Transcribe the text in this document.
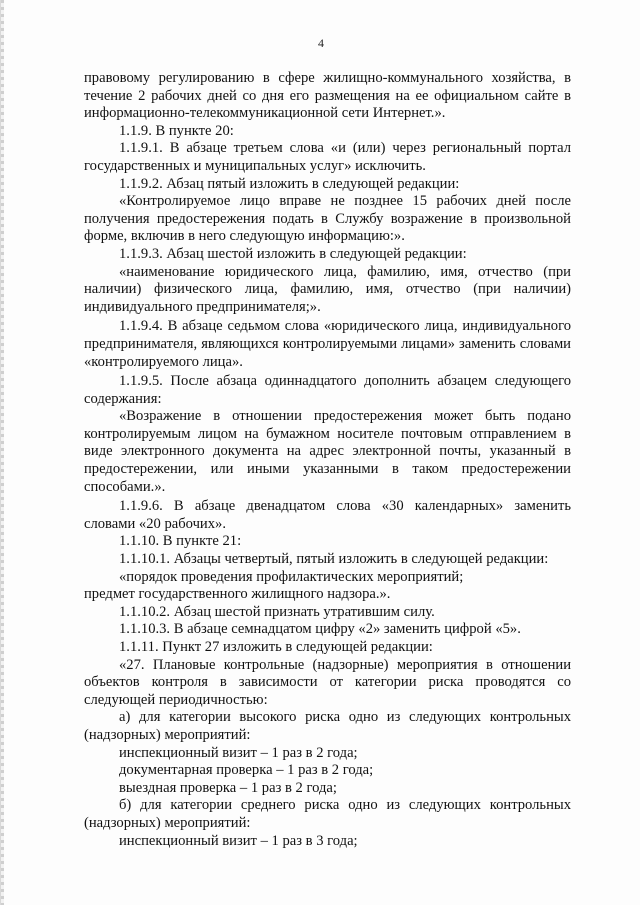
4

правовому регулированию в сфере жилищно-коммунального хозяйства, в течение 2 рабочих дней со дня его размещения на ее официальном сайте в информационно-телекоммуникационной сети Интернет.».

1.1.9. В пункте 20:

1.1.9.1. В абзаце третьем слова «и (или) через региональный портал государственных и муниципальных услуг» исключить.

1.1.9.2. Абзац пятый изложить в следующей редакции:

«Контролируемое лицо вправе не позднее 15 рабочих дней после получения предостережения подать в Службу возражение в произвольной форме, включив в него следующую информацию:».

1.1.9.3. Абзац шестой изложить в следующей редакции:

«наименование юридического лица, фамилию, имя, отчество (при наличии) физического лица, фамилию, имя, отчество (при наличии) индивидуального предпринимателя;».

1.1.9.4. В абзаце седьмом слова «юридического лица, индивидуального предпринимателя, являющихся контролируемыми лицами» заменить словами «контролируемого лица».

1.1.9.5. После абзаца одиннадцатого дополнить абзацем следующего содержания:

«Возражение в отношении предостережения может быть подано контролируемым лицом на бумажном носителе почтовым отправлением в виде электронного документа на адрес электронной почты, указанный в предостережении, или иными указанными в таком предостережении способами.».

1.1.9.6. В абзаце двенадцатом слова «30 календарных» заменить словами «20 рабочих».

1.1.10. В пункте 21:

1.1.10.1. Абзацы четвертый, пятый изложить в следующей редакции:

«порядок проведения профилактических мероприятий;

предмет государственного жилищного надзора.».

1.1.10.2. Абзац шестой признать утратившим силу.

1.1.10.3. В абзаце семнадцатом цифру «2» заменить цифрой «5».

1.1.11. Пункт 27 изложить в следующей редакции:

«27. Плановые контрольные (надзорные) мероприятия в отношении объектов контроля в зависимости от категории риска проводятся со следующей периодичностью:

а) для категории высокого риска одно из следующих контрольных (надзорных) мероприятий:

инспекционный визит – 1 раз в 2 года;

документарная проверка – 1 раз в 2 года;

выездная проверка – 1 раз в 2 года;

б) для категории среднего риска одно из следующих контрольных (надзорных) мероприятий:

инспекционный визит – 1 раз в 3 года;
